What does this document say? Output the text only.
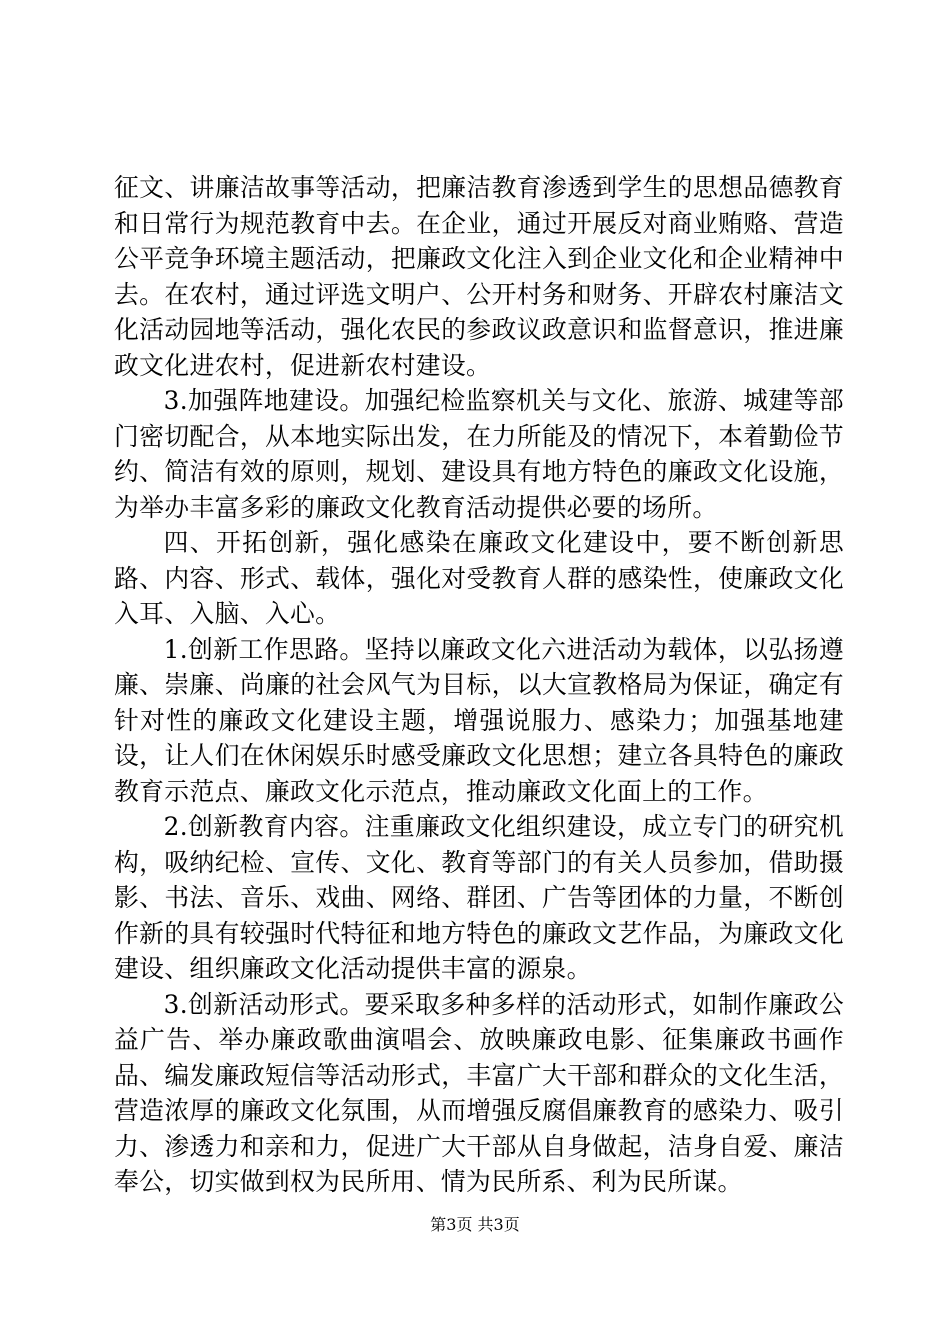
征文、讲廉洁故事等活动，把廉洁教育渗透到学生的思想品德教育和日常行为规范教育中去。在企业，通过开展反对商业贿赂、营造公平竞争环境主题活动，把廉政文化注入到企业文化和企业精神中去。在农村，通过评选文明户、公开村务和财务、开辟农村廉洁文化活动园地等活动，强化农民的参政议政意识和监督意识，推进廉政文化进农村，促进新农村建设。

3.加强阵地建设。加强纪检监察机关与文化、旅游、城建等部门密切配合，从本地实际出发，在力所能及的情况下，本着勤俭节约、简洁有效的原则，规划、建设具有地方特色的廉政文化设施，为举办丰富多彩的廉政文化教育活动提供必要的场所。

四、开拓创新，强化感染在廉政文化建设中，要不断创新思路、内容、形式、载体，强化对受教育人群的感染性，使廉政文化入耳、入脑、入心。

1.创新工作思路。坚持以廉政文化六进活动为载体，以弘扬遵廉、崇廉、尚廉的社会风气为目标，以大宣教格局为保证，确定有针对性的廉政文化建设主题，增强说服力、感染力；加强基地建设，让人们在休闲娱乐时感受廉政文化思想；建立各具特色的廉政教育示范点、廉政文化示范点，推动廉政文化面上的工作。

2.创新教育内容。注重廉政文化组织建设，成立专门的研究机构，吸纳纪检、宣传、文化、教育等部门的有关人员参加，借助摄影、书法、音乐、戏曲、网络、群团、广告等团体的力量，不断创作新的具有较强时代特征和地方特色的廉政文艺作品，为廉政文化建设、组织廉政文化活动提供丰富的源泉。

3.创新活动形式。要采取多种多样的活动形式，如制作廉政公益广告、举办廉政歌曲演唱会、放映廉政电影、征集廉政书画作品、编发廉政短信等活动形式，丰富广大干部和群众的文化生活，营造浓厚的廉政文化氛围，从而增强反腐倡廉教育的感染力、吸引力、渗透力和亲和力，促进广大干部从自身做起，洁身自爱、廉洁奉公，切实做到权为民所用、情为民所系、利为民所谋。

第3页 共3页
